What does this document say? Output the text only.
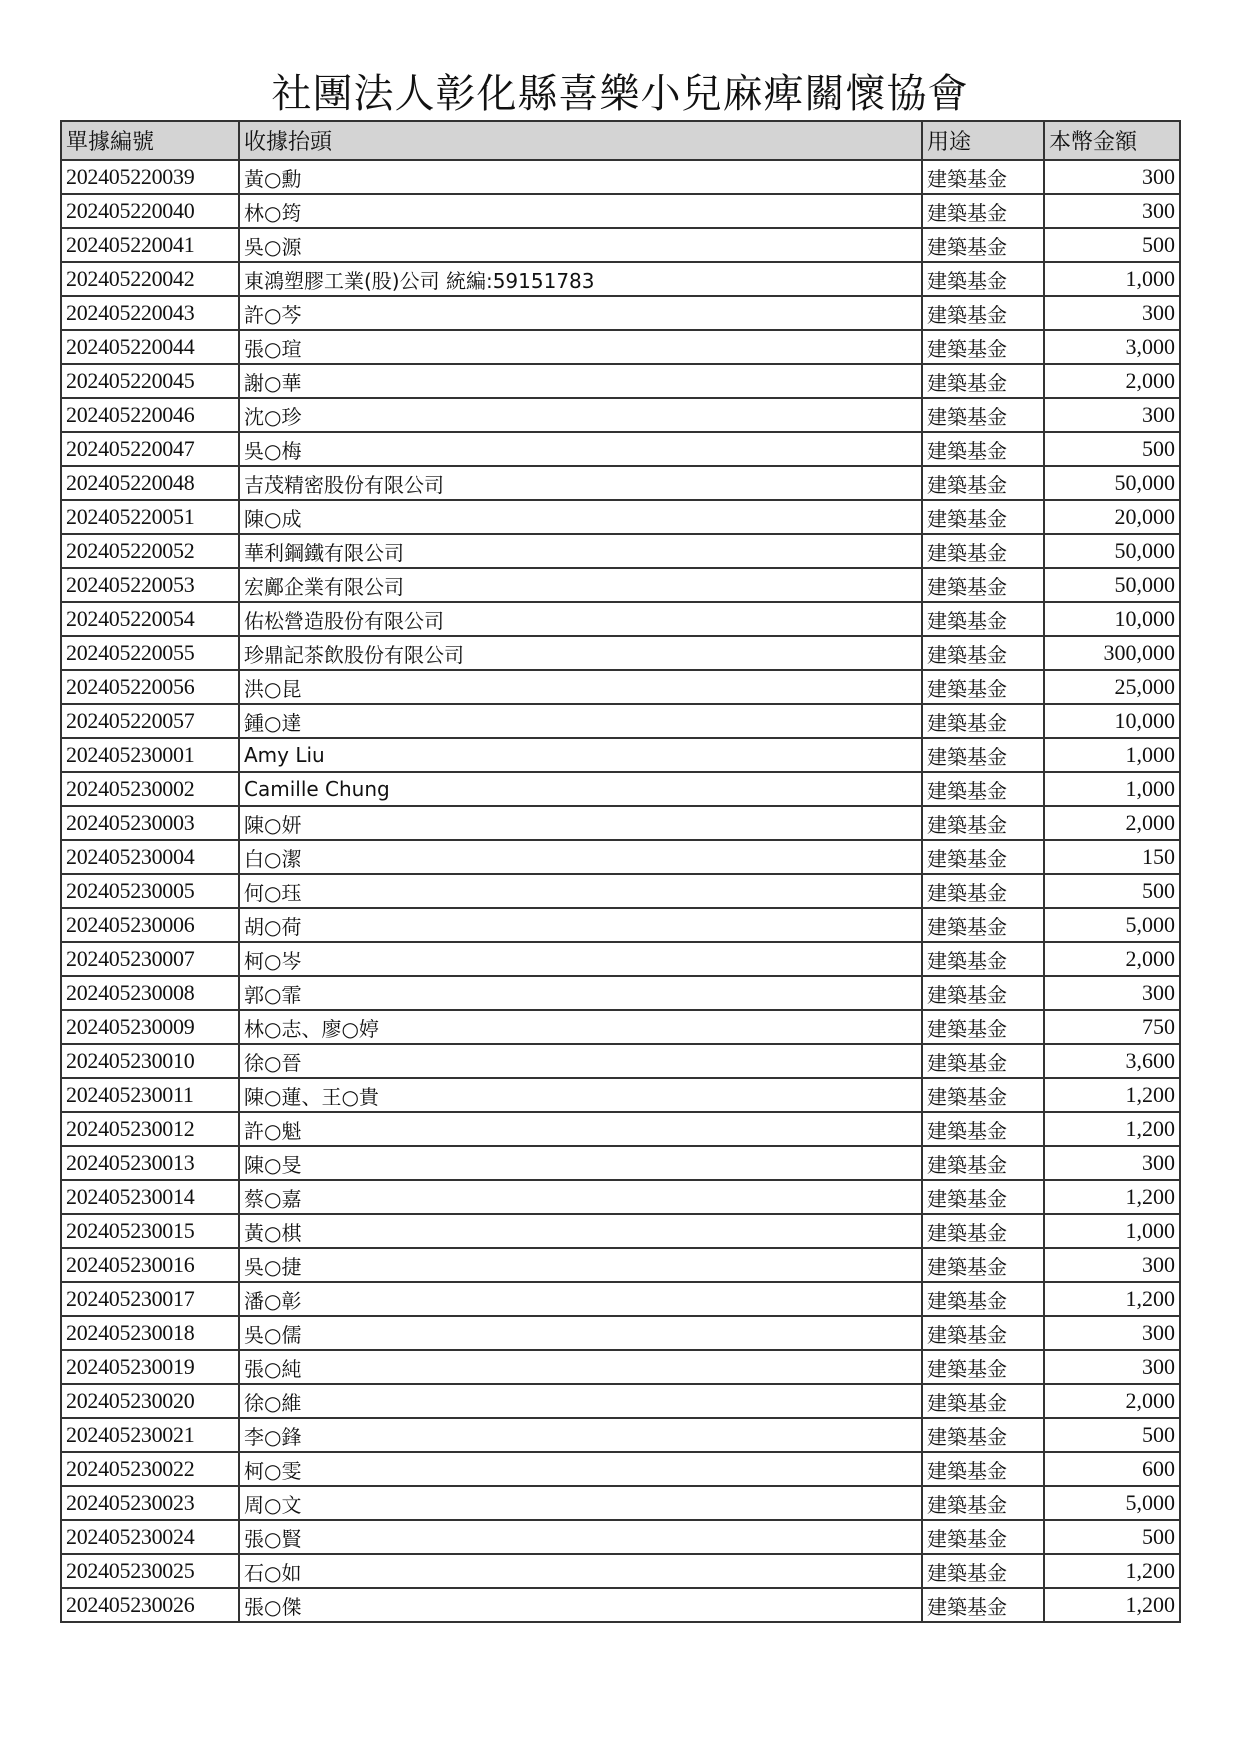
社團法人彰化縣喜樂小兒麻痺關懷協會
單據編號	收據抬頭	用途	本幣金額
202405220039	黃○勳	建築基金	300
202405220040	林○筠	建築基金	300
202405220041	吳○源	建築基金	500
202405220042	東鴻塑膠工業(股)公司 統編:59151783	建築基金	1,000
202405220043	許○芩	建築基金	300
202405220044	張○瑄	建築基金	3,000
202405220045	謝○華	建築基金	2,000
202405220046	沈○珍	建築基金	300
202405220047	吳○梅	建築基金	500
202405220048	吉茂精密股份有限公司	建築基金	50,000
202405220051	陳○成	建築基金	20,000
202405220052	華利鋼鐵有限公司	建築基金	50,000
202405220053	宏鄺企業有限公司	建築基金	50,000
202405220054	佑松營造股份有限公司	建築基金	10,000
202405220055	珍鼎記茶飲股份有限公司	建築基金	300,000
202405220056	洪○昆	建築基金	25,000
202405220057	鍾○達	建築基金	10,000
202405230001	Amy Liu	建築基金	1,000
202405230002	Camille Chung	建築基金	1,000
202405230003	陳○妍	建築基金	2,000
202405230004	白○潔	建築基金	150
202405230005	何○珏	建築基金	500
202405230006	胡○荷	建築基金	5,000
202405230007	柯○岑	建築基金	2,000
202405230008	郭○霏	建築基金	300
202405230009	林○志、廖○婷	建築基金	750
202405230010	徐○晉	建築基金	3,600
202405230011	陳○蓮、王○貴	建築基金	1,200
202405230012	許○魁	建築基金	1,200
202405230013	陳○旻	建築基金	300
202405230014	蔡○嘉	建築基金	1,200
202405230015	黃○棋	建築基金	1,000
202405230016	吳○捷	建築基金	300
202405230017	潘○彰	建築基金	1,200
202405230018	吳○儒	建築基金	300
202405230019	張○純	建築基金	300
202405230020	徐○維	建築基金	2,000
202405230021	李○鋒	建築基金	500
202405230022	柯○雯	建築基金	600
202405230023	周○文	建築基金	5,000
202405230024	張○賢	建築基金	500
202405230025	石○如	建築基金	1,200
202405230026	張○傑	建築基金	1,200
